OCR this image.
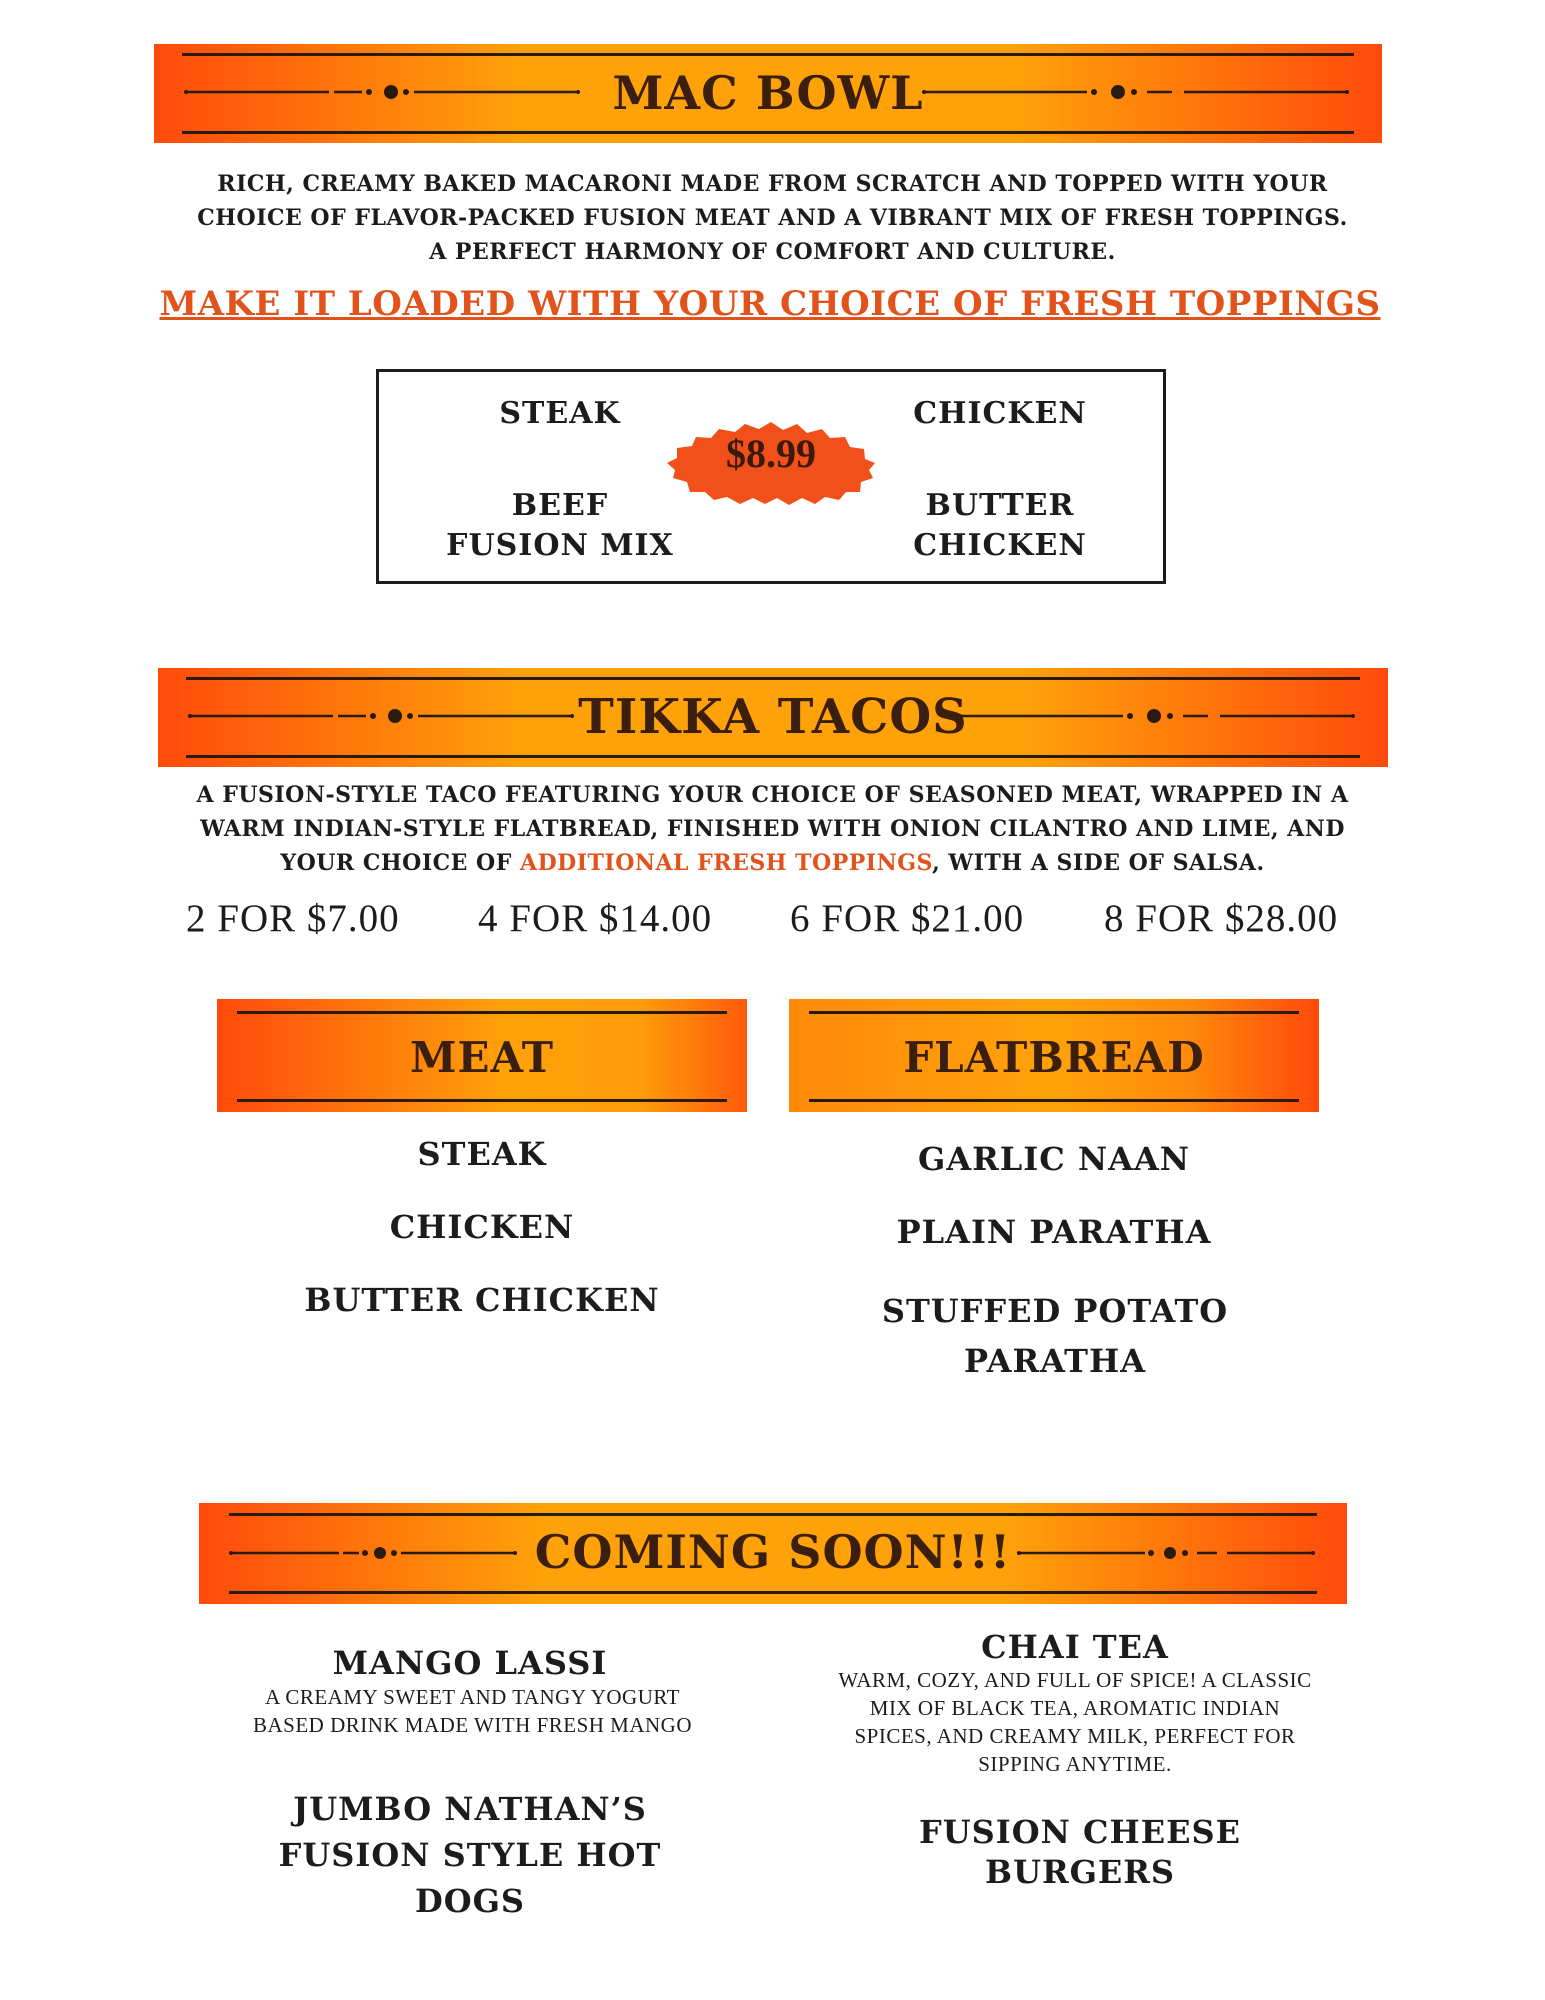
MAC BOWL
RICH, CREAMY BAKED MACARONI MADE FROM SCRATCH AND TOPPED WITH YOUR CHOICE OF FLAVOR-PACKED FUSION MEAT AND A VIBRANT MIX OF FRESH TOPPINGS. A PERFECT HARMONY OF COMFORT AND CULTURE.
MAKE IT LOADED WITH YOUR CHOICE OF FRESH TOPPINGS
STEAK	CHICKEN
BEEF FUSION MIX
BUTTER CHICKEN
$8.99
TIKKA TACOS
A FUSION-STYLE TACO FEATURING YOUR CHOICE OF SEASONED MEAT, WRAPPED IN A WARM INDIAN-STYLE FLATBREAD, FINISHED WITH ONION CILANTRO AND LIME, AND YOUR CHOICE OF ADDITIONAL FRESH TOPPINGS, WITH A SIDE OF SALSA.
2 FOR $7.00 4 FOR $14.00 6 FOR $21.00 8 FOR $28.00
MEAT	FLATBREAD
STEAK
CHICKEN
BUTTER CHICKEN
GARLIC NAAN
PLAIN PARATHA
STUFFED POTATO PARATHA
COMING SOON!!!
MANGO LASSI
A CREAMY SWEET AND TANGY YOGURT BASED DRINK MADE WITH FRESH MANGO
CHAI TEA
WARM, COZY, AND FULL OF SPICE! A CLASSIC MIX OF BLACK TEA, AROMATIC INDIAN SPICES, AND CREAMY MILK, PERFECT FOR SIPPING ANYTIME.
JUMBO NATHAN’S FUSION STYLE HOT DOGS
FUSION CHEESE BURGERS
